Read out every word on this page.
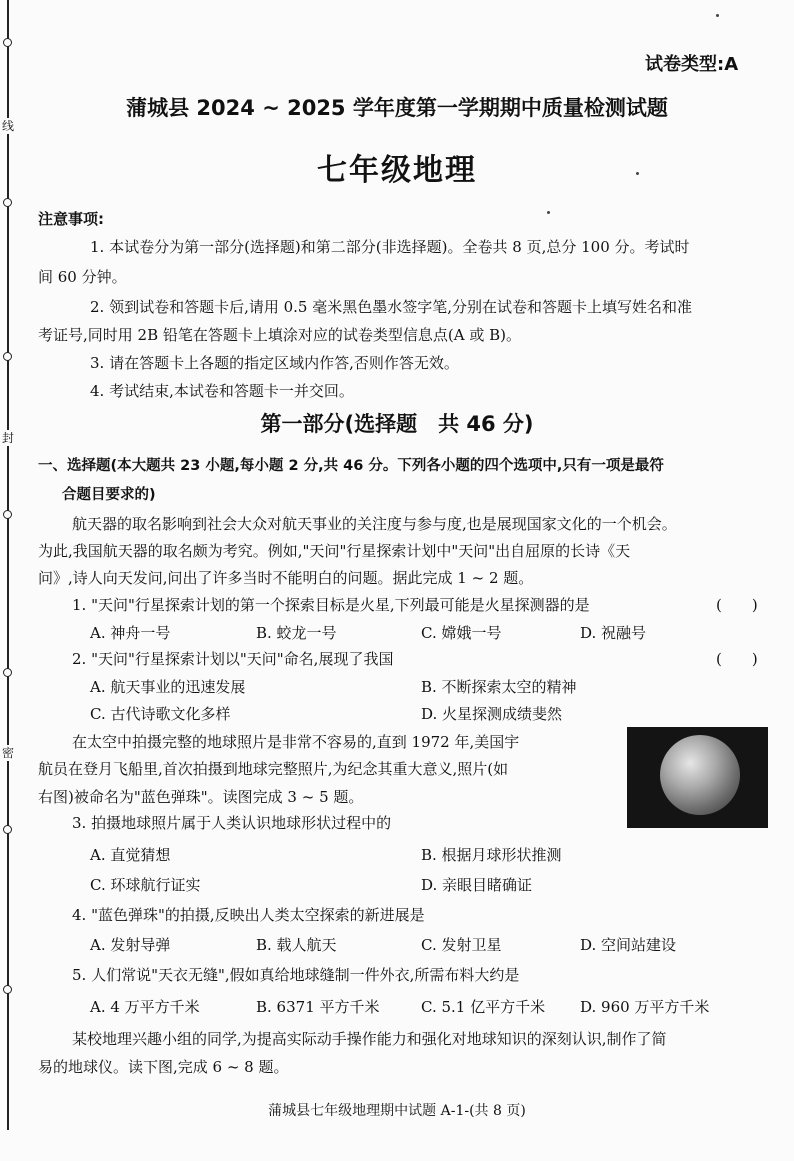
线
封
密
试卷类型:A
蒲城县 2024 ~ 2025 学年度第一学期期中质量检测试题
七年级地理
注意事项:
1. 本试卷分为第一部分(选择题)和第二部分(非选择题)。全卷共 8 页,总分 100 分。考试时
间 60 分钟。
2. 领到试卷和答题卡后,请用 0.5 毫米黑色墨水签字笔,分别在试卷和答题卡上填写姓名和准
考证号,同时用 2B 铅笔在答题卡上填涂对应的试卷类型信息点(A 或 B)。
3. 请在答题卡上各题的指定区域内作答,否则作答无效。
4. 考试结束,本试卷和答题卡一并交回。
第一部分(选择题　共 46 分)
一、选择题(本大题共 23 小题,每小题 2 分,共 46 分。下列各小题的四个选项中,只有一项是最符
合题目要求的)
航天器的取名影响到社会大众对航天事业的关注度与参与度,也是展现国家文化的一个机会。
为此,我国航天器的取名颇为考究。例如,"天问"行星探索计划中"天问"出自屈原的长诗《天
问》,诗人向天发问,问出了许多当时不能明白的问题。据此完成 1 ~ 2 题。
1. "天问"行星探索计划的第一个探索目标是火星,下列最可能是火星探测器的是	(　　)
A. 神舟一号	B. 蛟龙一号	C. 嫦娥一号	D. 祝融号
2. "天问"行星探索计划以"天问"命名,展现了我国	(　　)
A. 航天事业的迅速发展	B. 不断探索太空的精神
C. 古代诗歌文化多样	D. 火星探测成绩斐然
在太空中拍摄完整的地球照片是非常不容易的,直到 1972 年,美国宇
航员在登月飞船里,首次拍摄到地球完整照片,为纪念其重大意义,照片(如
右图)被命名为"蓝色弹珠"。读图完成 3 ~ 5 题。
3. 拍摄地球照片属于人类认识地球形状过程中的
A. 直觉猜想	B. 根据月球形状推测
C. 环球航行证实	D. 亲眼目睹确证
4. "蓝色弹珠"的拍摄,反映出人类太空探索的新进展是
A. 发射导弹	B. 载人航天	C. 发射卫星	D. 空间站建设
5. 人们常说"天衣无缝",假如真给地球缝制一件外衣,所需布料大约是
A. 4 万平方千米	B. 6371 平方千米	C. 5.1 亿平方千米 D. 960 万平方千米
某校地理兴趣小组的同学,为提高实际动手操作能力和强化对地球知识的深刻认识,制作了简
易的地球仪。读下图,完成 6 ~ 8 题。
蒲城县七年级地理期中试题 A-1-(共 8 页)
